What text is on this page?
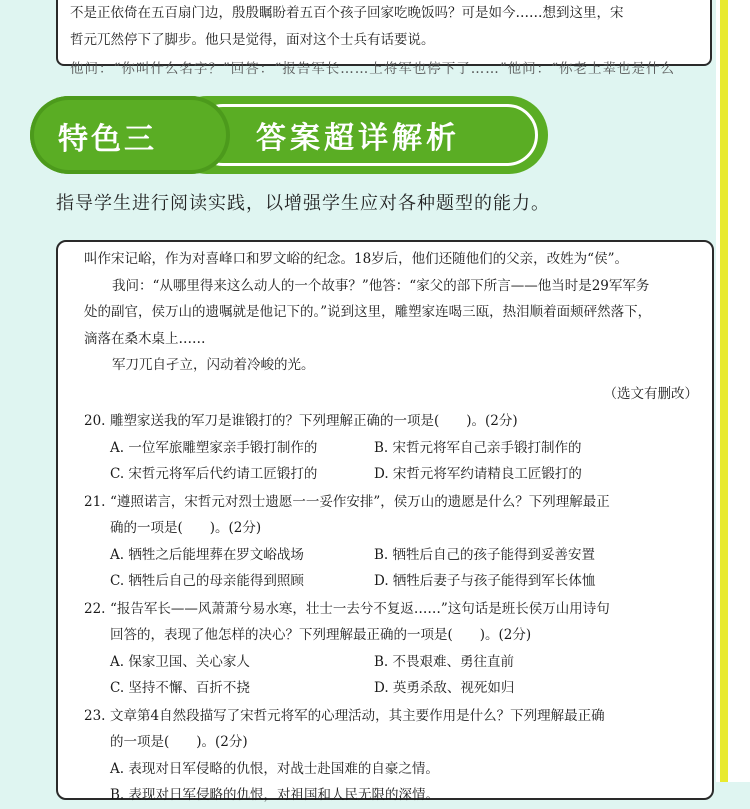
不是正依倚在五百扇门边，殷殷瞩盼着五百个孩子回家吃晚饭吗？可是如今……想到这里，宋

哲元兀然停下了脚步。他只是觉得，面对这个士兵有话要说。

他问：“你叫什么名字？”回答：“报告军长……上将军也停下了……”他问：“你老上辈也是什么

答案超详解析
特色三
指导学生进行阅读实践，以增强学生应对各种题型的能力。

叫作宋记峪，作为对喜峰口和罗文峪的纪念。18岁后，他们还随他们的父亲，改姓为“侯”。

我问：“从哪里得来这么动人的一个故事？”他答：“家父的部下所言——他当时是29军军务

处的副官，侯万山的遗嘱就是他记下的。”说到这里，雕塑家连喝三瓯，热泪顺着面颊砰然落下，

滴落在桑木桌上……

军刀兀自孑立，闪动着冷峻的光。

（选文有删改）

20. 雕塑家送我的军刀是谁锻打的？下列理解正确的一项是(　　)。(2分)

A. 一位军旅雕塑家亲手锻打制作的	B. 宋哲元将军自己亲手锻打制作的
C. 宋哲元将军后代约请工匠锻打的	D. 宋哲元将军约请精良工匠锻打的

21. “遵照诺言，宋哲元对烈士遗愿一一妥作安排”，侯万山的遗愿是什么？下列理解最正

确的一项是(　　)。(2分)

A. 牺牲之后能埋葬在罗文峪战场	B. 牺牲后自己的孩子能得到妥善安置
C. 牺牲后自己的母亲能得到照顾	D. 牺牲后妻子与孩子能得到军长体恤

22. “报告军长——风萧萧兮易水寒，壮士一去兮不复返……”这句话是班长侯万山用诗句

回答的，表现了他怎样的决心？下列理解最正确的一项是(　　)。(2分)

A. 保家卫国、关心家人	B. 不畏艰难、勇往直前
C. 坚持不懈、百折不挠	D. 英勇杀敌、视死如归

23. 文章第4自然段描写了宋哲元将军的心理活动，其主要作用是什么？下列理解最正确

的一项是(　　)。(2分)

A. 表现对日军侵略的仇恨，对战士赴国难的自豪之情。

B. 表现对日军侵略的仇恨，对祖国和人民无限的深情。
